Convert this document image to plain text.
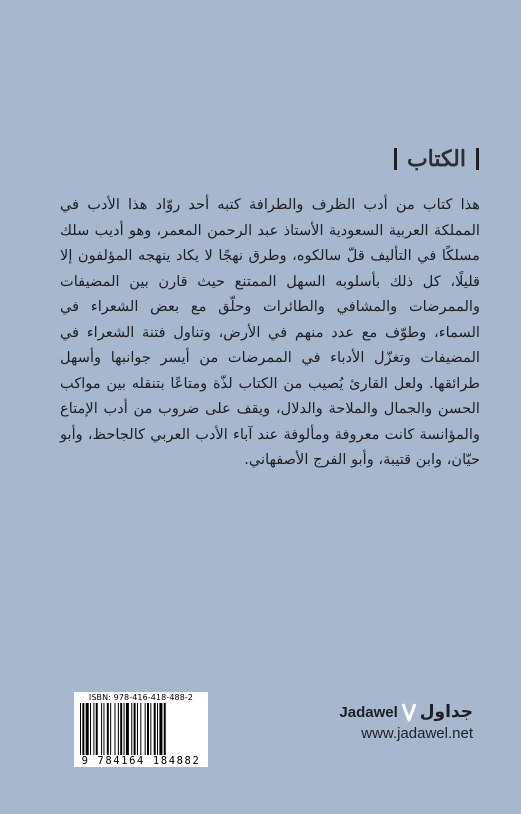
الكتاب

هذا كتاب من أدب الظرف والطرافة كتبه أحد روّاد هذا الأدب في المملكة العربية السعودية الأستاذ عبد الرحمن المعمر، وهو أديب سلك مسلكًا في التأليف قلّ سالكوه، وطرق نهجًا لا يكاد ينهجه المؤلفون إلا قليلًا، كل ذلك بأسلوبه السهل الممتنع حيث قارن بين المضيفات والممرضات والمشافي والطائرات وحلّق مع بعض الشعراء في السماء، وطوّف مع عدد منهم في الأرض، وتناول فتنة الشعراء في المضيفات وتغزّل الأدباء في الممرضات من أيسر جوانبها وأسهل طرائقها. ولعل القارئ يُصيب من الكتاب لذّة ومتاعًا بتنقله بين مواكب الحسن والجمال والملاحة والدلال، ويقف على ضروب من أدب الإمتاع والمؤانسة كانت معروفة ومألوفة عند آباء الأدب العربي كالجاحظ، وأبو حيّان، وابن قتيبة، وأبو الفرج الأصفهاني.

ISBN: 978-416-418-488-2
9 784164 184882
Jadawel جداول
www.jadawel.net
